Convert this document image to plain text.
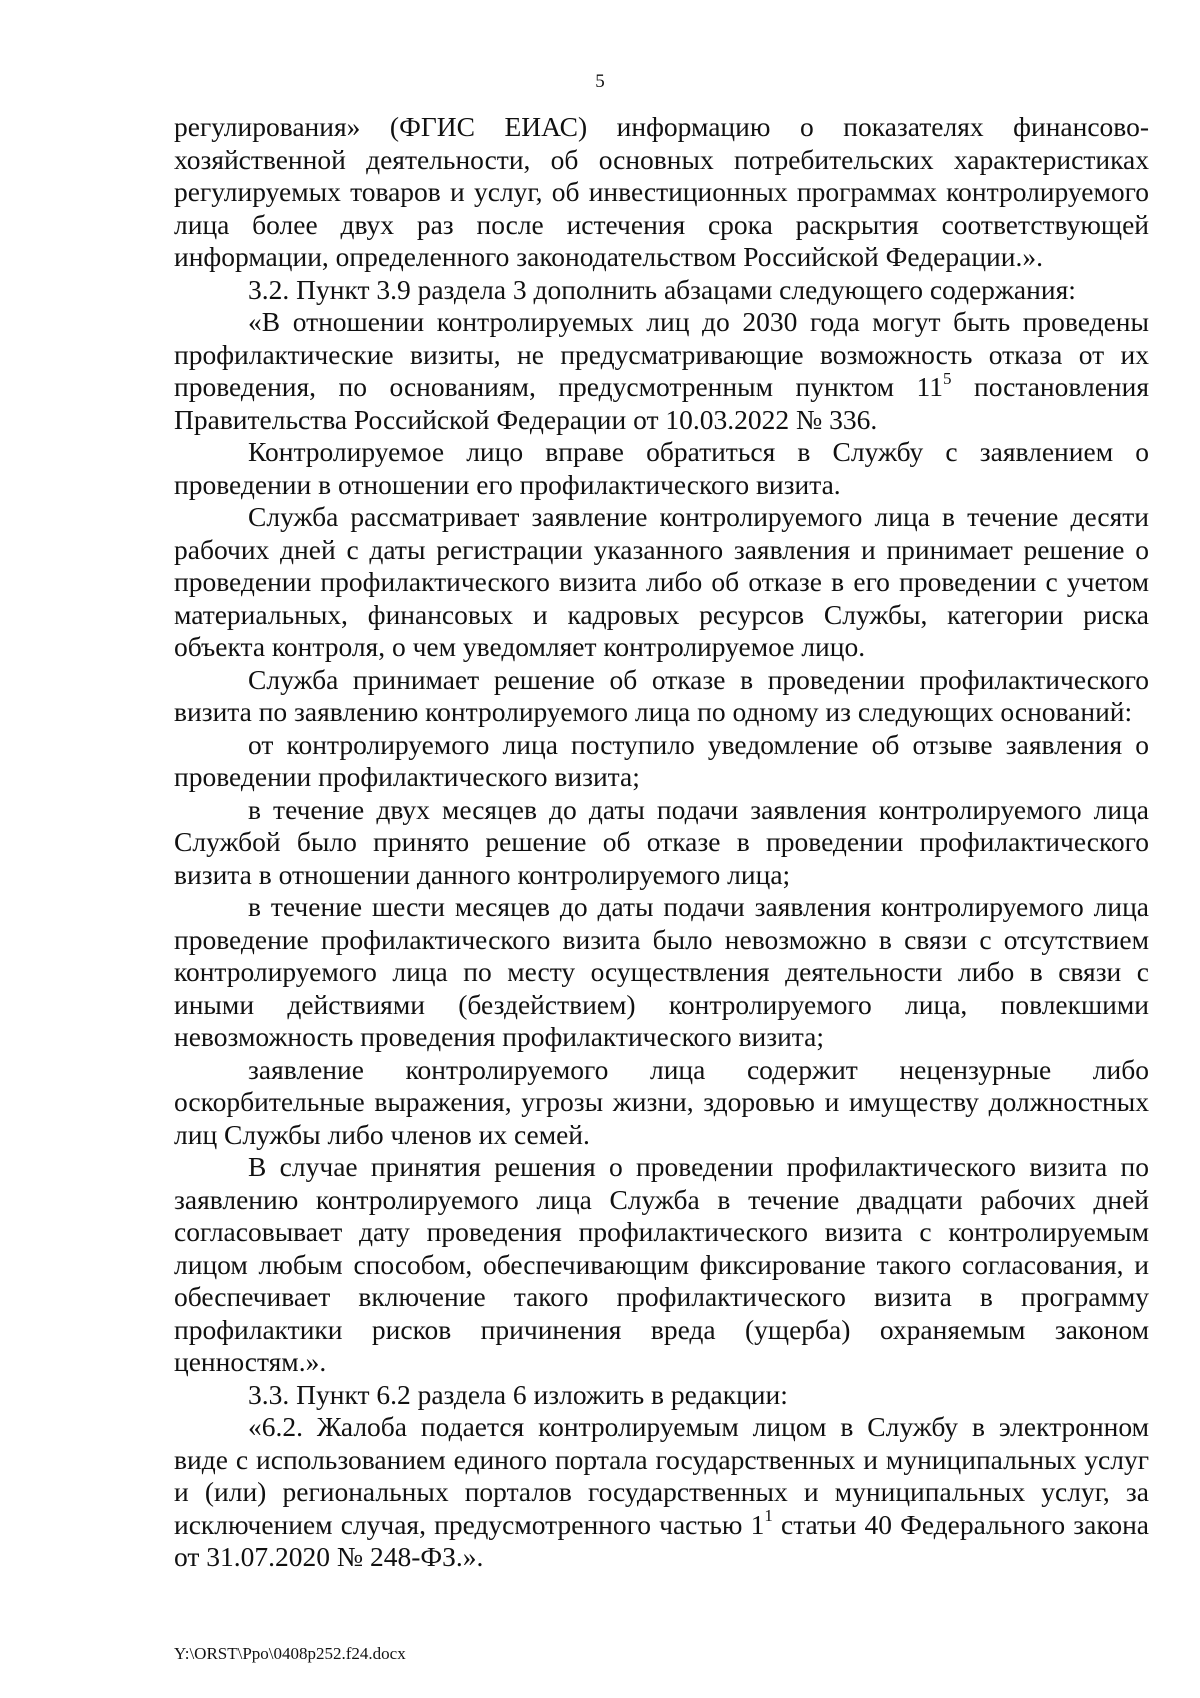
5

регулирования» (ФГИС ЕИАС) информацию о показателях финансово-хозяйственной деятельности, об основных потребительских характеристиках регулируемых товаров и услуг, об инвестиционных программах контролируемого лица более двух раз после истечения срока раскрытия соответствующей информации, определенного законодательством Российской Федерации.».

3.2. Пункт 3.9 раздела 3 дополнить абзацами следующего содержания:

«В отношении контролируемых лиц до 2030 года могут быть проведены профилактические визиты, не предусматривающие возможность отказа от их проведения, по основаниям, предусмотренным пунктом $11^5$ постановления Правительства Российской Федерации от 10.03.2022 № 336.

Контролируемое лицо вправе обратиться в Службу с заявлением о проведении в отношении его профилактического визита.

Служба рассматривает заявление контролируемого лица в течение десяти рабочих дней с даты регистрации указанного заявления и принимает решение о проведении профилактического визита либо об отказе в его проведении с учетом материальных, финансовых и кадровых ресурсов Службы, категории риска объекта контроля, о чем уведомляет контролируемое лицо.

Служба принимает решение об отказе в проведении профилактического визита по заявлению контролируемого лица по одному из следующих оснований:

от контролируемого лица поступило уведомление об отзыве заявления о проведении профилактического визита;

в течение двух месяцев до даты подачи заявления контролируемого лица Службой было принято решение об отказе в проведении профилактического визита в отношении данного контролируемого лица;

в течение шести месяцев до даты подачи заявления контролируемого лица проведение профилактического визита было невозможно в связи с отсутствием контролируемого лица по месту осуществления деятельности либо в связи с иными действиями (бездействием) контролируемого лица, повлекшими невозможность проведения профилактического визита;

заявление контролируемого лица содержит нецензурные либо оскорбительные выражения, угрозы жизни, здоровью и имуществу должностных лиц Службы либо членов их семей.

В случае принятия решения о проведении профилактического визита по заявлению контролируемого лица Служба в течение двадцати рабочих дней согласовывает дату проведения профилактического визита с контролируемым лицом любым способом, обеспечивающим фиксирование такого согласования, и обеспечивает включение такого профилактического визита в программу профилактики рисков причинения вреда (ущерба) охраняемым законом ценностям.».

3.3. Пункт 6.2 раздела 6 изложить в редакции:

«6.2. Жалоба подается контролируемым лицом в Службу в электронном виде с использованием единого портала государственных и муниципальных услуг и (или) региональных порталов государственных и муниципальных услуг, за исключением случая, предусмотренного частью $1^1$ статьи 40 Федерального закона от 31.07.2020 № 248-ФЗ.».

Y:\ORST\Ppo\0408p252.f24.docx
